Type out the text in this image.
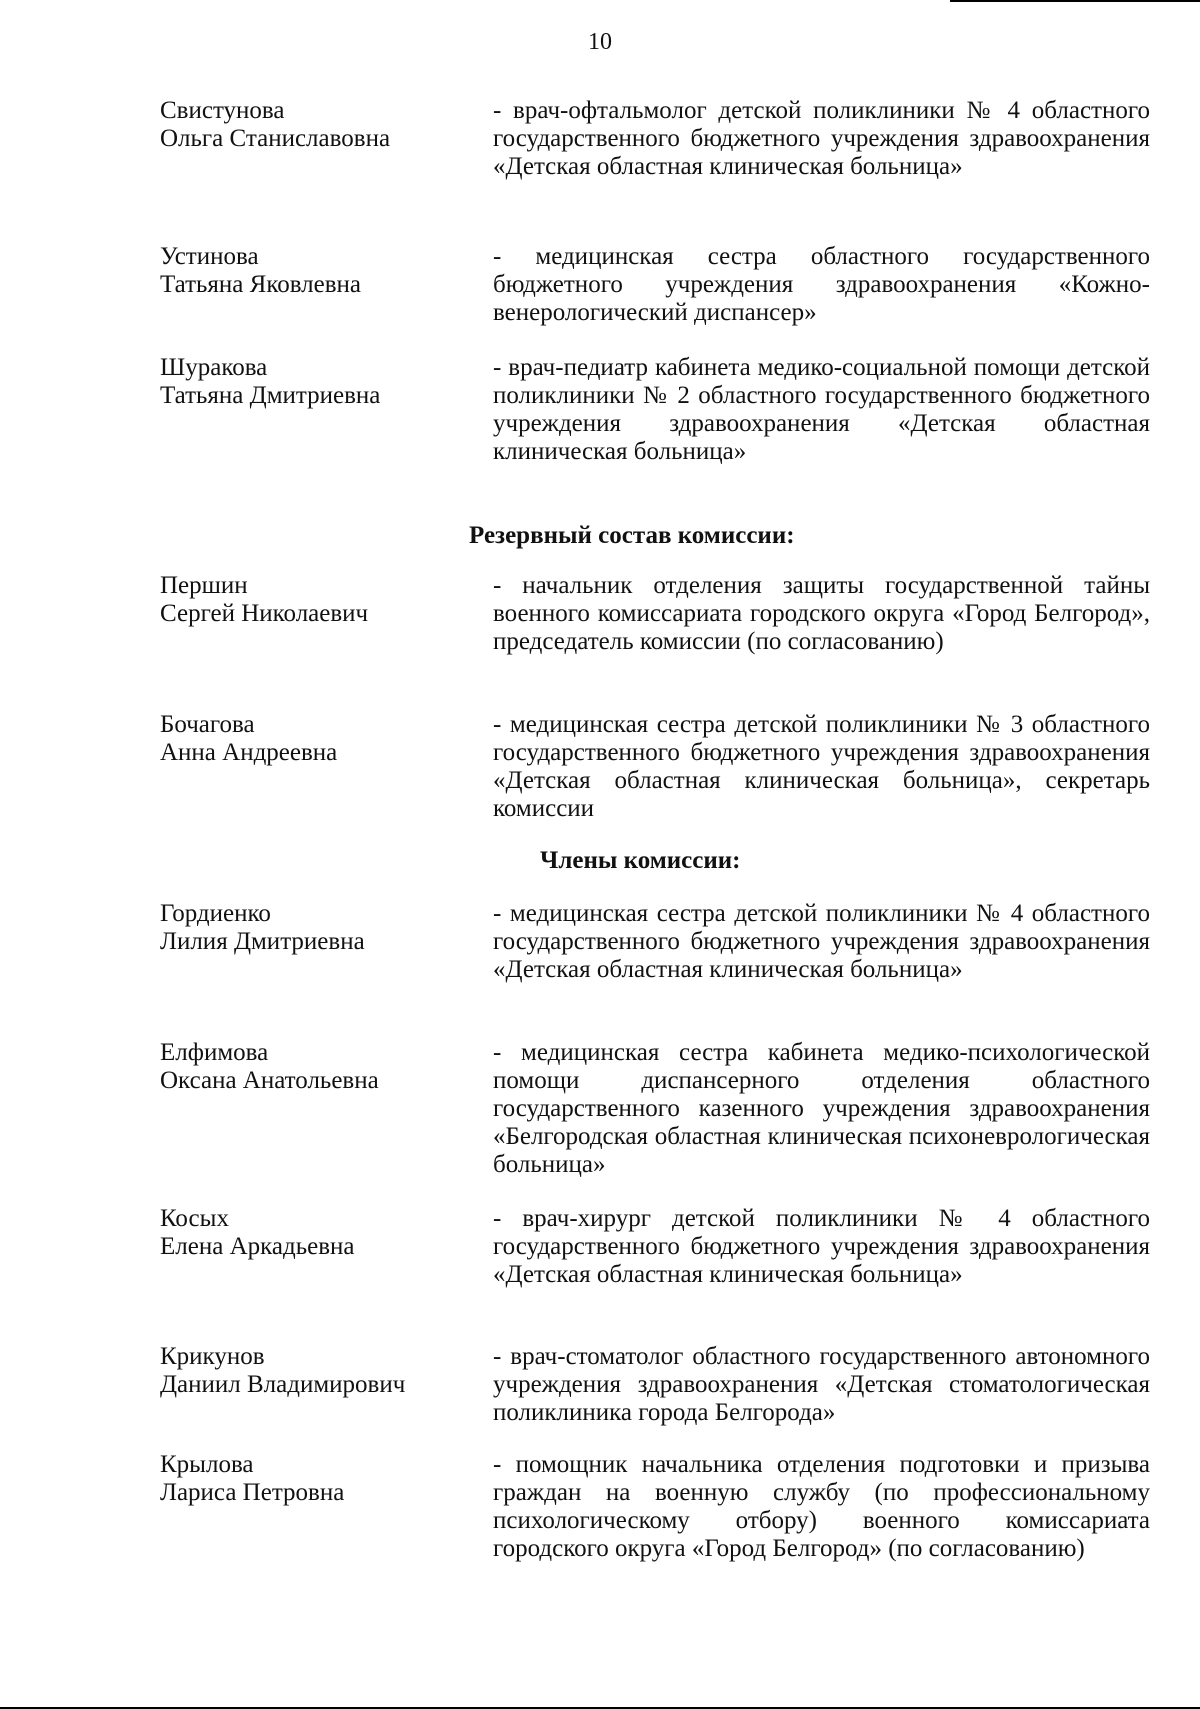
10
Свистунова
Ольга Станиславовна
- врач-офтальмолог детской поликлиники № 4 областного государственного бюджетного учреждения здравоохранения «Детская областная клиническая больница»
Устинова
Татьяна Яковлевна
- медицинская сестра областного государственного бюджетного учреждения здравоохранения «Кожно-венерологический диспансер»
Шуракова
Татьяна Дмитриевна
- врач-педиатр кабинета медико-социальной помощи детской поликлиники № 2 областного государственного бюджетного учреждения здравоохранения «Детская областная клиническая больница»
Резервный состав комиссии:
Першин
Сергей Николаевич
- начальник отделения защиты государственной тайны военного комиссариата городского округа «Город Белгород», председатель комиссии (по согласованию)
Бочагова
Анна Андреевна
- медицинская сестра детской поликлиники № 3 областного государственного бюджетного учреждения здравоохранения «Детская областная клиническая больница», секретарь комиссии
Члены комиссии:
Гордиенко
Лилия Дмитриевна
- медицинская сестра детской поликлиники № 4 областного государственного бюджетного учреждения здравоохранения «Детская областная клиническая больница»
Елфимова
Оксана Анатольевна
- медицинская сестра кабинета медико-психологической помощи диспансерного отделения областного государственного казенного учреждения здравоохранения «Белгородская областная клиническая психоневрологическая больница»
Косых
Елена Аркадьевна
- врач-хирург детской поликлиники № 4 областного государственного бюджетного учреждения здравоохранения «Детская областная клиническая больница»
Крикунов
Даниил Владимирович
- врач-стоматолог областного государственного автономного учреждения здравоохранения «Детская стоматологическая поликлиника города Белгорода»
Крылова
Лариса Петровна
- помощник начальника отделения подготовки и призыва граждан на военную службу (по профессиональному психологическому отбору) военного комиссариата городского округа «Город Белгород» (по согласованию)
